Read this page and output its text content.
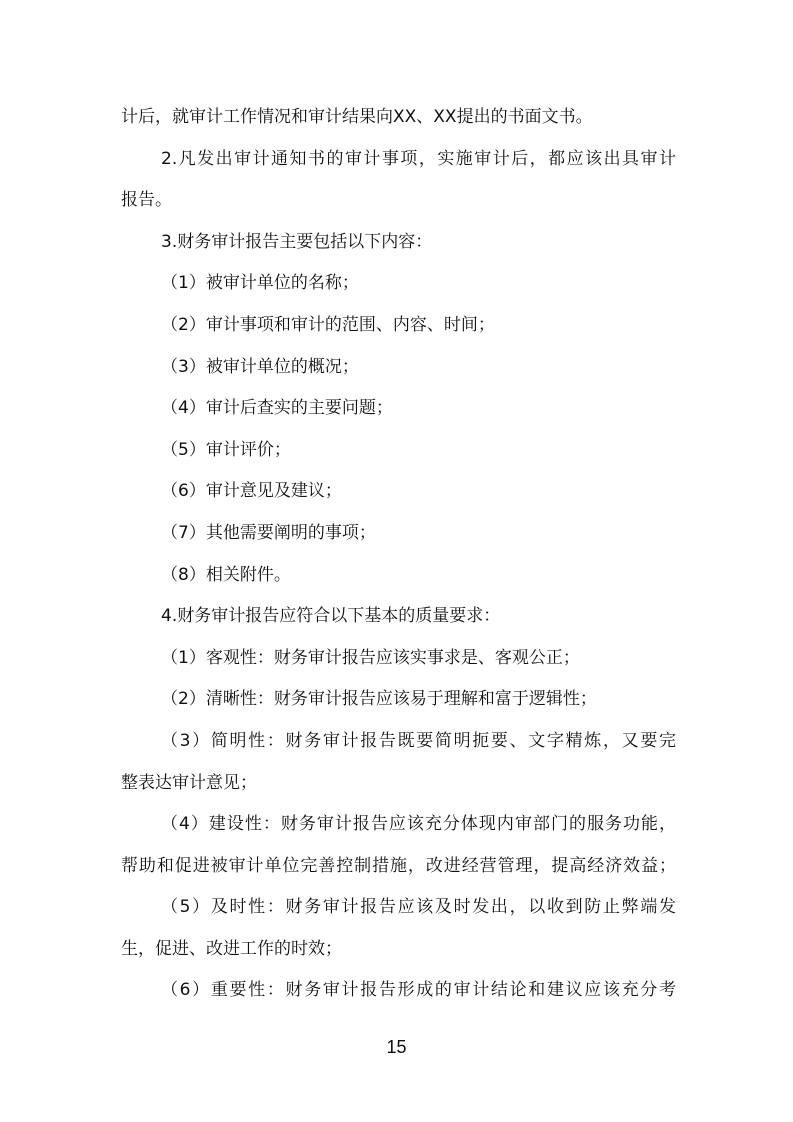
计后，就审计工作情况和审计结果向XX、XX提出的书面文书。
2.凡发出审计通知书的审计事项，实施审计后，都应该出具审计
报告。
3.财务审计报告主要包括以下内容：
（1）被审计单位的名称；
（2）审计事项和审计的范围、内容、时间；
（3）被审计单位的概况；
（4）审计后查实的主要问题；
（5）审计评价；
（6）审计意见及建议；
（7）其他需要阐明的事项；
（8）相关附件。
4.财务审计报告应符合以下基本的质量要求：
（1）客观性：财务审计报告应该实事求是、客观公正；
（2）清晰性：财务审计报告应该易于理解和富于逻辑性；
（3）简明性：财务审计报告既要简明扼要、文字精炼，又要完
整表达审计意见；
（4）建设性：财务审计报告应该充分体现内审部门的服务功能，
帮助和促进被审计单位完善控制措施，改进经营管理，提高经济效益；
（5）及时性：财务审计报告应该及时发出，以收到防止弊端发
生，促进、改进工作的时效；
（6）重要性：财务审计报告形成的审计结论和建议应该充分考
15
